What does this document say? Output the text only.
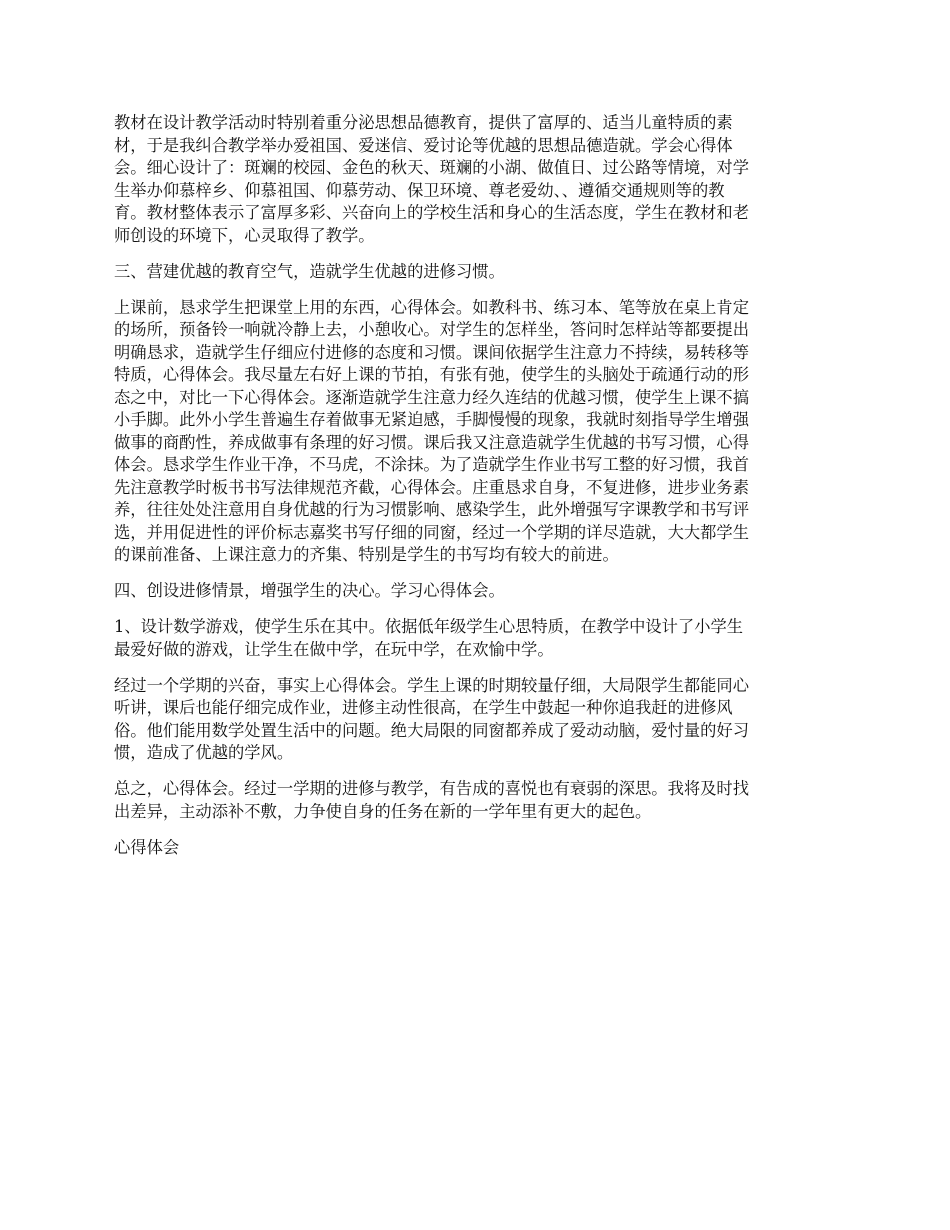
教材在设计教学活动时特别着重分泌思想品德教育，提供了富厚的、适当儿童特质的素
材，于是我纠合教学举办爱祖国、爱迷信、爱讨论等优越的思想品德造就。学会心得体
会。细心设计了：斑斓的校园、金色的秋天、斑斓的小湖、做值日、过公路等情境，对学
生举办仰慕梓乡、仰慕祖国、仰慕劳动、保卫环境、尊老爱幼、、遵循交通规则等的教
育。教材整体表示了富厚多彩、兴奋向上的学校生活和身心的生活态度，学生在教材和老
师创设的环境下，心灵取得了教学。

三、营建优越的教育空气，造就学生优越的进修习惯。

上课前，恳求学生把课堂上用的东西，心得体会。如教科书、练习本、笔等放在桌上肯定
的场所，预备铃一响就冷静上去，小憩收心。对学生的怎样坐，答问时怎样站等都要提出
明确恳求，造就学生仔细应付进修的态度和习惯。课间依据学生注意力不持续，易转移等
特质，心得体会。我尽量左右好上课的节拍，有张有弛，使学生的头脑处于疏通行动的形
态之中，对比一下心得体会。逐渐造就学生注意力经久连结的优越习惯，使学生上课不搞
小手脚。此外小学生普遍生存着做事无紧迫感，手脚慢慢的现象，我就时刻指导学生增强
做事的商酌性，养成做事有条理的好习惯。课后我又注意造就学生优越的书写习惯，心得
体会。恳求学生作业干净，不马虎，不涂抹。为了造就学生作业书写工整的好习惯，我首
先注意教学时板书书写法律规范齐截，心得体会。庄重恳求自身，不复进修，进步业务素
养，往往处处注意用自身优越的行为习惯影响、感染学生，此外增强写字课教学和书写评
选，并用促进性的评价标志嘉奖书写仔细的同窗，经过一个学期的详尽造就，大大都学生
的课前准备、上课注意力的齐集、特别是学生的书写均有较大的前进。

四、创设进修情景，增强学生的决心。学习心得体会。

1、设计数学游戏，使学生乐在其中。依据低年级学生心思特质，在教学中设计了小学生
最爱好做的游戏，让学生在做中学，在玩中学，在欢愉中学。

经过一个学期的兴奋，事实上心得体会。学生上课的时期较量仔细，大局限学生都能同心
听讲，课后也能仔细完成作业，进修主动性很高，在学生中鼓起一种你追我赶的进修风
俗。他们能用数学处置生活中的问题。绝大局限的同窗都养成了爱动动脑，爱忖量的好习
惯，造成了优越的学风。

总之，心得体会。经过一学期的进修与教学，有告成的喜悦也有衰弱的深思。我将及时找
出差异，主动添补不敷，力争使自身的任务在新的一学年里有更大的起色。

心得体会
